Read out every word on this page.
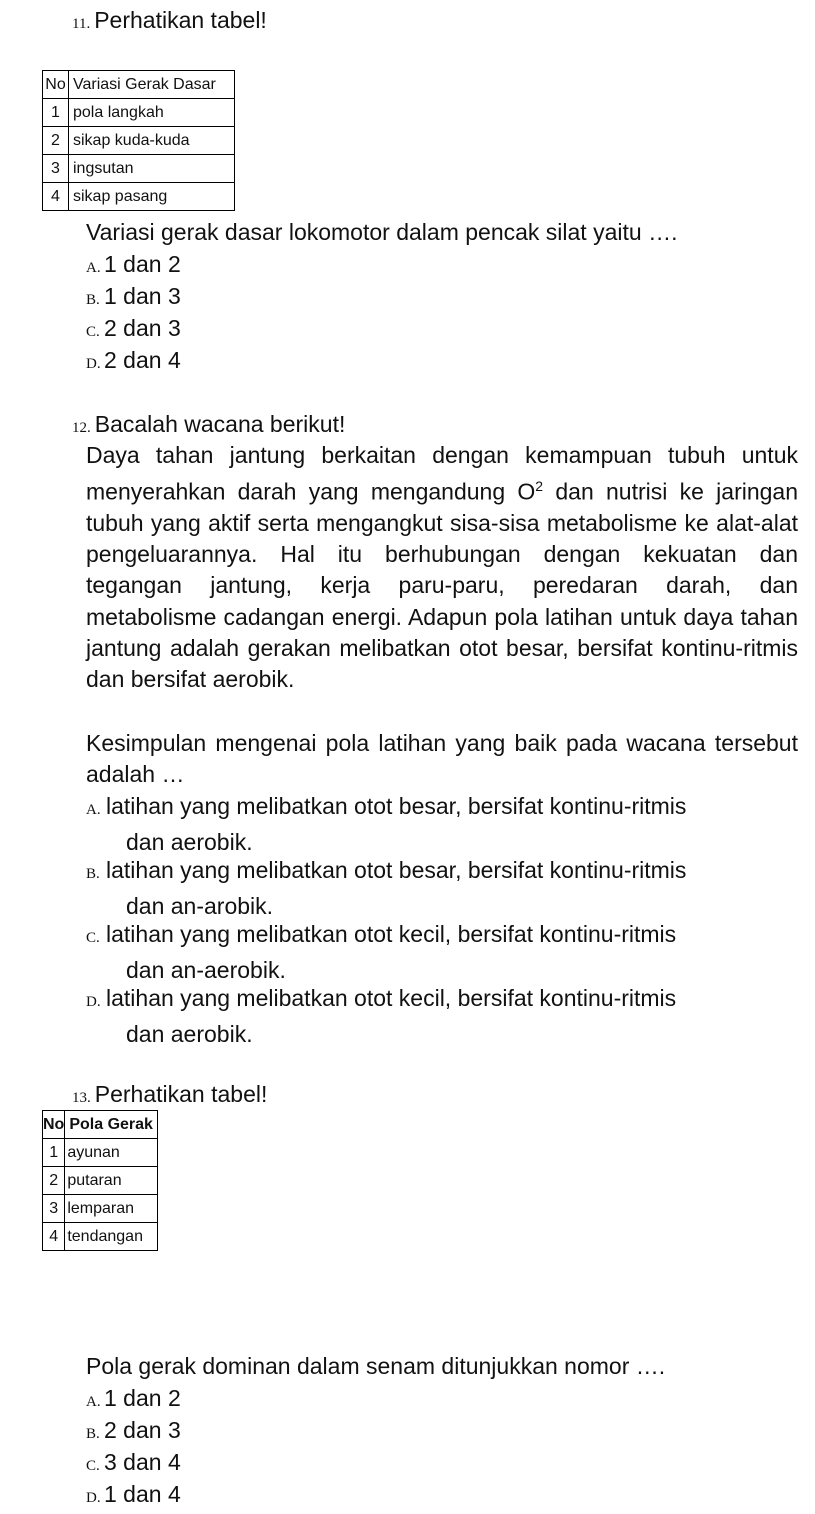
11. Perhatikan tabel!
No	Variasi Gerak Dasar
1	pola langkah
2	sikap kuda-kuda
3	ingsutan
4	sikap pasang
Variasi gerak dasar lokomotor dalam pencak silat yaitu ….
A. 1 dan 2
B. 1 dan 3
C. 2 dan 3
D. 2 dan 4
12. Bacalah wacana berikut!
Daya tahan jantung berkaitan dengan kemampuan tubuh untuk menyerahkan darah yang mengandung $O^2$ dan nutrisi ke jaringan tubuh yang aktif serta mengangkut sisa-sisa metabolisme ke alat-alat pengeluarannya. Hal itu berhubungan dengan kekuatan dan tegangan jantung, kerja paru-paru, peredaran darah, dan metabolisme cadangan energi. Adapun pola latihan untuk daya tahan jantung adalah gerakan melibatkan otot besar, bersifat kontinu-ritmis dan bersifat aerobik.
Kesimpulan mengenai pola latihan yang baik pada wacana tersebut adalah …
A. latihan yang melibatkan otot besar, bersifat kontinu-ritmis
dan aerobik.
B. latihan yang melibatkan otot besar, bersifat kontinu-ritmis
dan an-arobik.
C. latihan yang melibatkan otot kecil, bersifat kontinu-ritmis
dan an-aerobik.
D. latihan yang melibatkan otot kecil, bersifat kontinu-ritmis
dan aerobik.
13. Perhatikan tabel!
No	Pola Gerak
1	ayunan
2	putaran
3	lemparan
4	tendangan
Pola gerak dominan dalam senam ditunjukkan nomor ….
A. 1 dan 2
B. 2 dan 3
C. 3 dan 4
D. 1 dan 4
